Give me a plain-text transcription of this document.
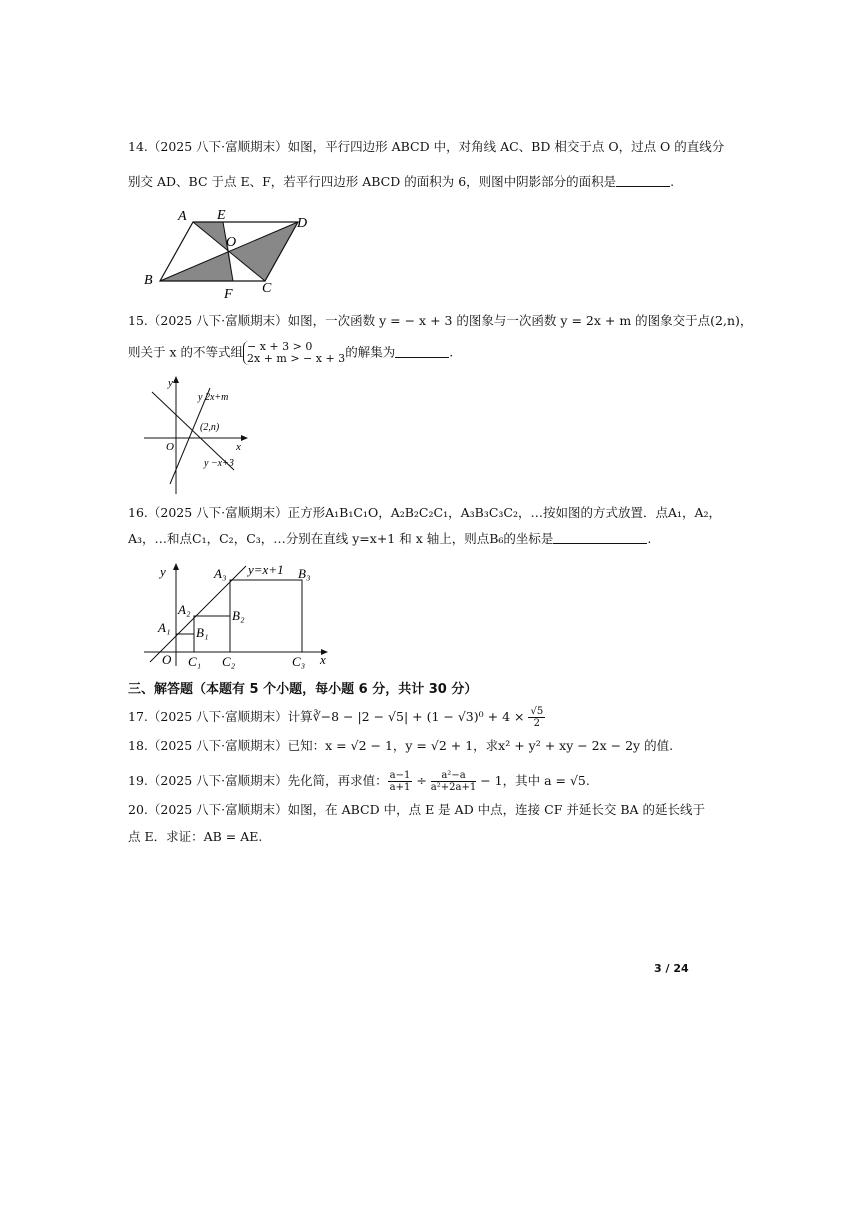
14.（2025 八下·富顺期末）如图，平行四边形 ABCD 中，对角线 AC、BD 相交于点 O，过点 O 的直线分
别交 AD、BC 于点 E、F，若平行四边形 ABCD 的面积为 6，则图中阴影部分的面积是	.
A E
D
O
B
F C
15.（2025 八下·富顺期末）如图，一次函数 y = − x + 3 的图象与一次函数 y = 2x + m 的图象交于点(2,n)，
则关于 x 的不等式组 − x + 3 > 0
2x + m > − x + 3 的解集为	.
y
x
O
y 2x+m
(2,n)
y −x+3
16.（2025 八下·富顺期末）正方形A₁B₁C₁O，A₂B₂C₂C₁，A₃B₃C₃C₂，…按如图的方式放置．点A₁，A₂，
A₃，…和点C₁，C₂，C₃，…分别在直线 y=x+1 和 x 轴上，则点B₆的坐标是	.
y
x
O
y=x+1
A₁
A₂
A₃
B₁
B₂
B₃
C₁ C₂	C₃
三、解答题（本题有 5 个小题，每小题 6 分，共计 30 分）
17.（2025 八下·富顺期末）计算∛−8 − $|2 - √5| + (1 - √3)^0 + 4 \times \frac{√5}{2}$
18.（2025 八下·富顺期末）已知：x = √2 − 1，y = √2 + 1，求x² + y² + xy − 2x − 2y 的值.
19.（2025 八下·富顺期末）先化简，再求值： $\frac{a-1}{a+1} \div \frac{\text{a²−a}}{\text{a²+2a+1}} - 1$，其中 a = √5.
20.（2025 八下·富顺期末）如图，在 ABCD 中，点 E 是 AD 中点，连接 CF 并延长交 BA 的延长线于
点 E．求证：AB = AE.
3 / 24
